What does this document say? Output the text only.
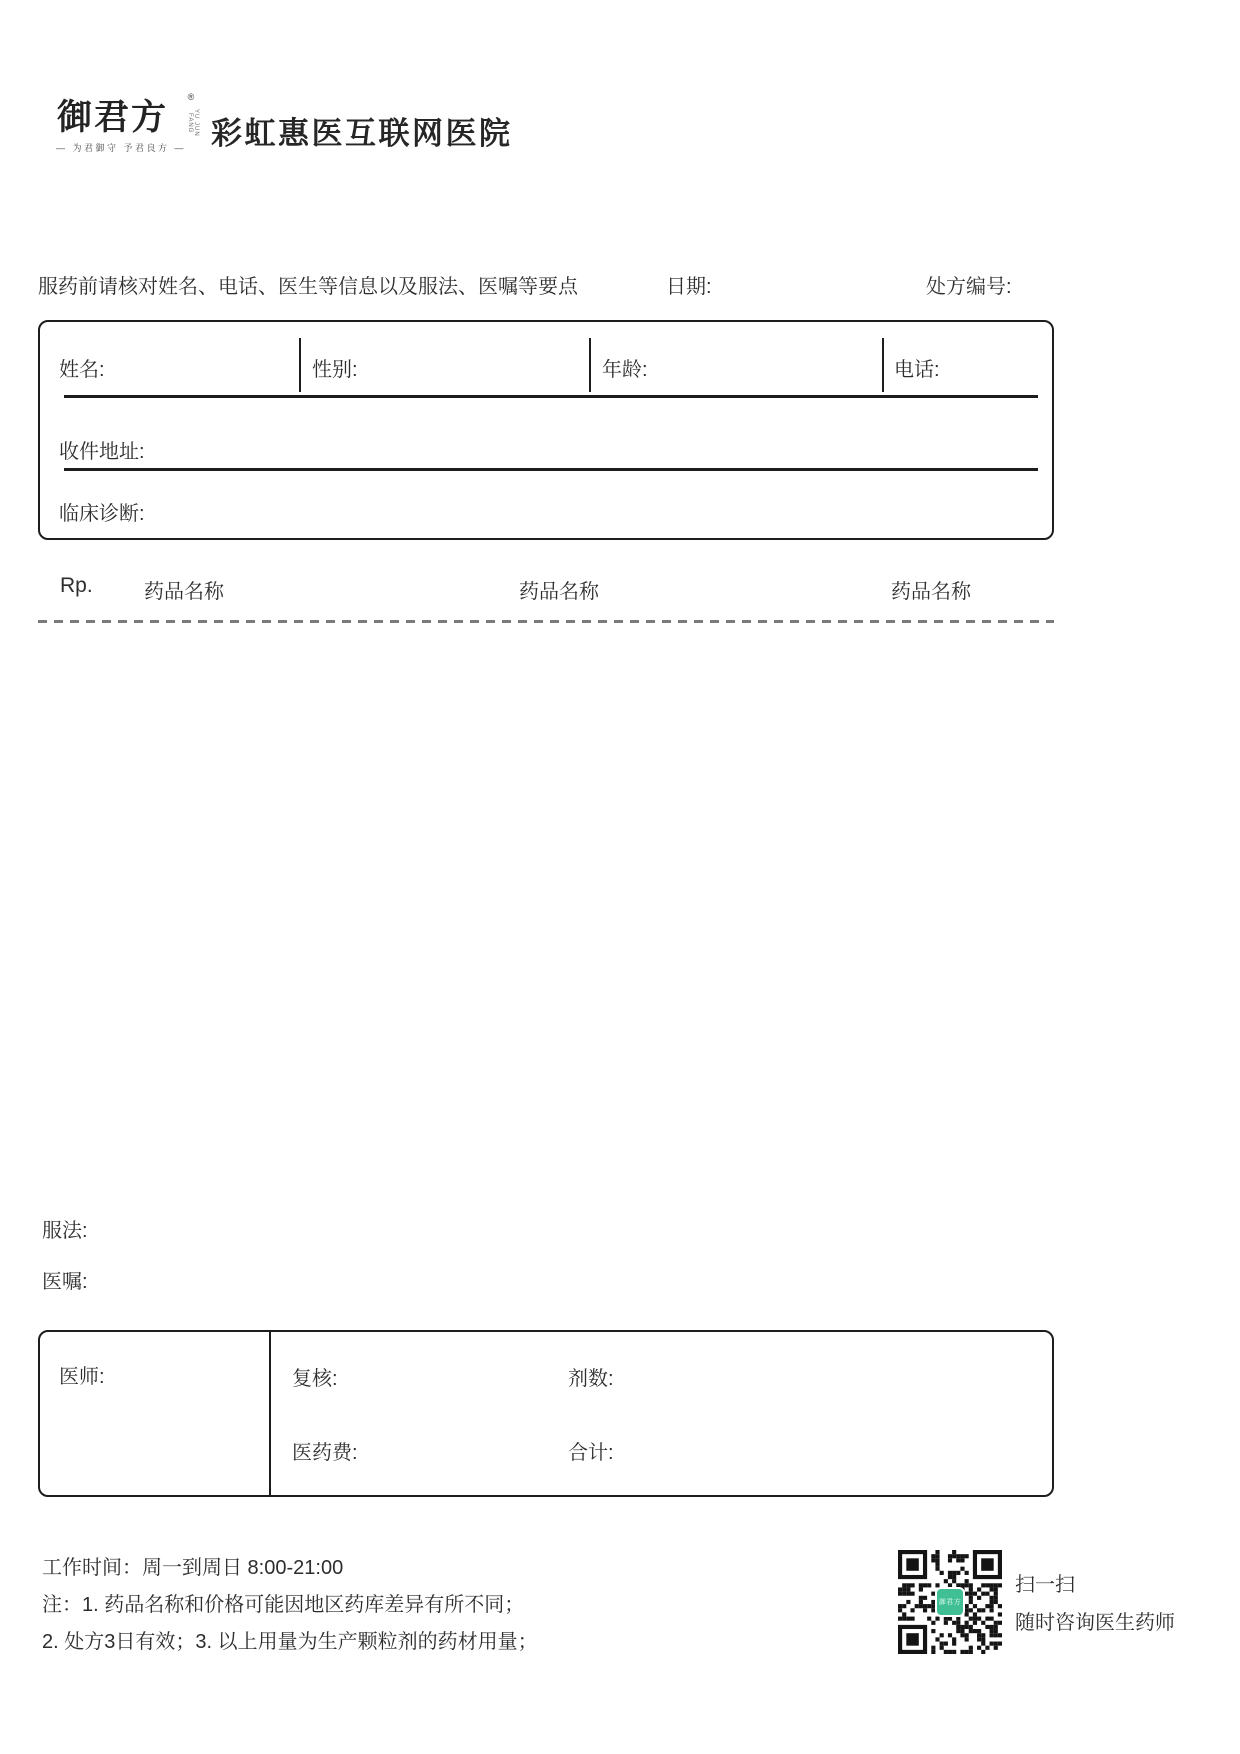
御君方	®
YU JUN FANG
— 为君御守 予君良方 — 彩虹惠医互联网医院
服药前请核对姓名、电话、医生等信息以及服法、医嘱等要点	日期:	处方编号:
姓名:	性别:	年龄:	电话:
收件地址:
临床诊断:
Rp.	药品名称	药品名称	药品名称
服法:
医嘱:
医师:	复核:	剂数:
医药费:	合计:
工作时间：周一到周日 8:00-21:00
注：1. 药品名称和价格可能因地区药库差异有所不同；
2. 处方3日有效；3. 以上用量为生产颗粒剂的药材用量；
御君方
扫一扫
随时咨询医生药师
